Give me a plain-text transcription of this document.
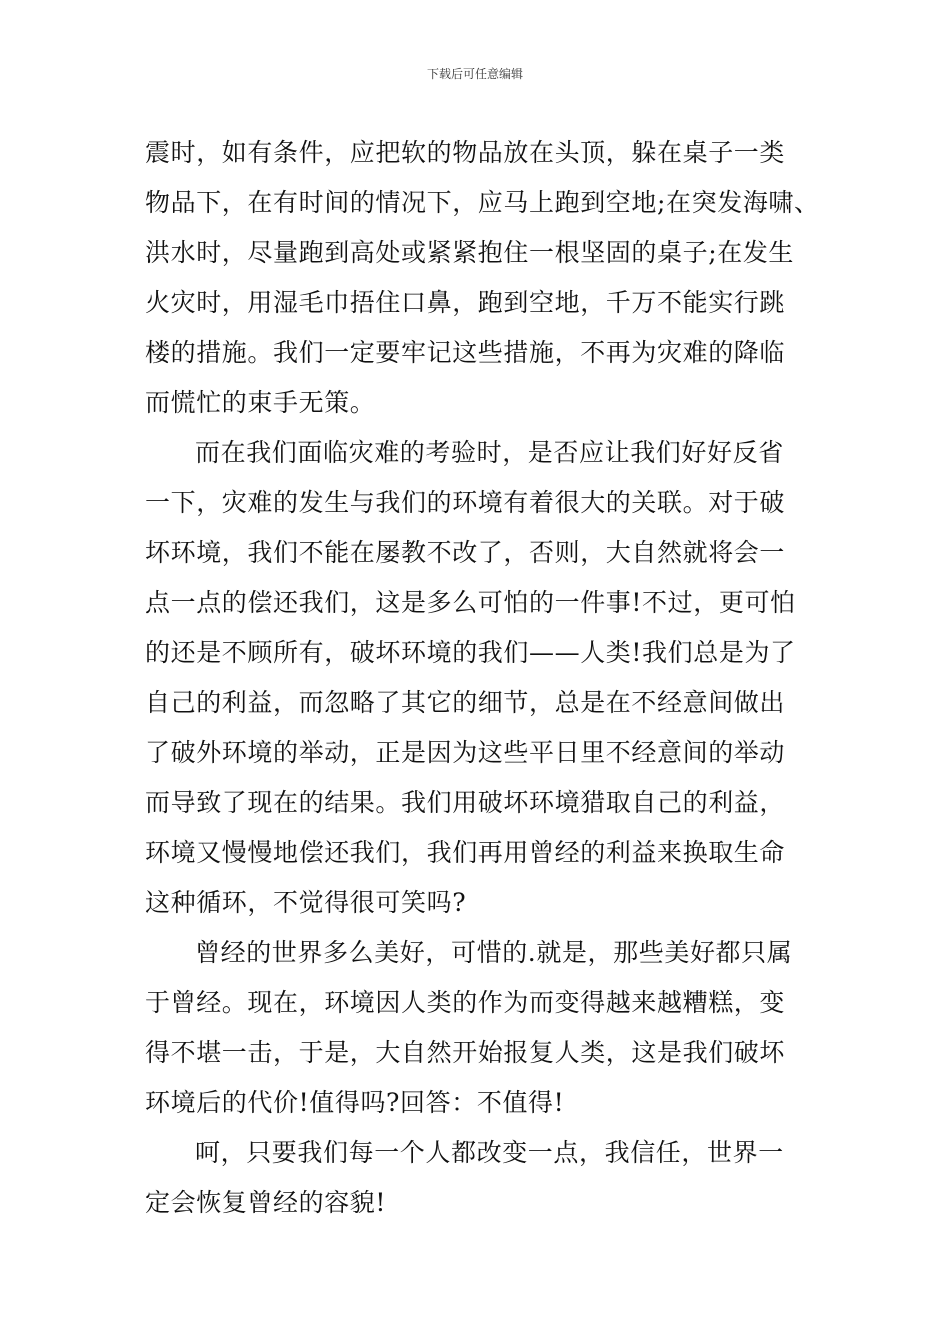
下载后可任意编辑
震时，如有条件，应把软的物品放在头顶，躲在桌子一类
物品下，在有时间的情况下，应马上跑到空地;在突发海啸、
洪水时，尽量跑到高处或紧紧抱住一根坚固的桌子;在发生
火灾时，用湿毛巾捂住口鼻，跑到空地，千万不能实行跳
楼的措施。我们一定要牢记这些措施，不再为灾难的降临
而慌忙的束手无策。
而在我们面临灾难的考验时，是否应让我们好好反省
一下，灾难的发生与我们的环境有着很大的关联。对于破
坏环境，我们不能在屡教不改了，否则，大自然就将会一
点一点的偿还我们，这是多么可怕的一件事!不过，更可怕
的还是不顾所有，破坏环境的我们——人类!我们总是为了
自己的利益，而忽略了其它的细节，总是在不经意间做出
了破外环境的举动，正是因为这些平日里不经意间的举动
而导致了现在的结果。我们用破坏环境猎取自己的利益，
环境又慢慢地偿还我们，我们再用曾经的利益来换取生命
这种循环，不觉得很可笑吗?
曾经的世界多么美好，可惜的.就是，那些美好都只属
于曾经。现在，环境因人类的作为而变得越来越糟糕，变
得不堪一击，于是，大自然开始报复人类，这是我们破坏
环境后的代价!值得吗?回答：不值得!
呵，只要我们每一个人都改变一点，我信任，世界一
定会恢复曾经的容貌!
